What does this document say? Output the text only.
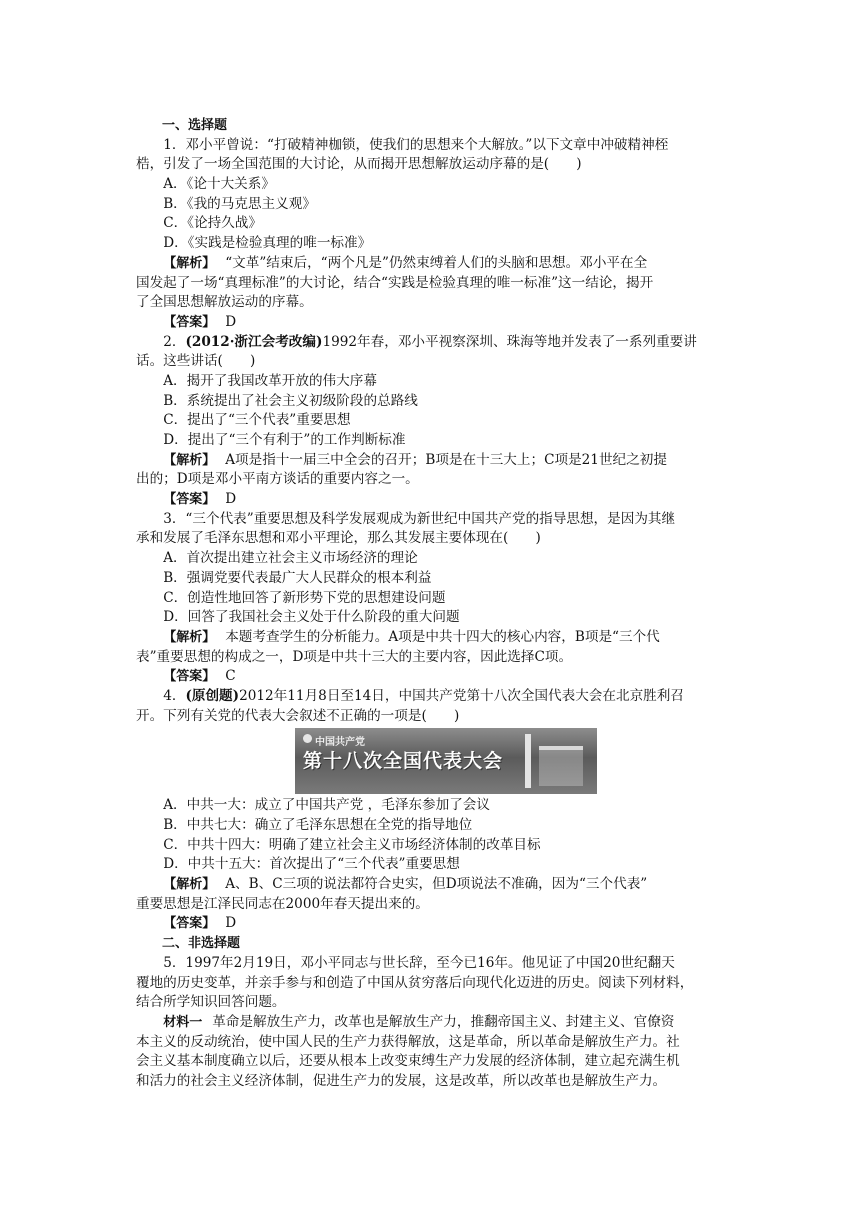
一、选择题
1．邓小平曾说：“打破精神枷锁，使我们的思想来个大解放。”以下文章中冲破精神桎
梏，引发了一场全国范围的大讨论，从而揭开思想解放运动序幕的是(　　)
A．《论十大关系》
B．《我的马克思主义观》
C．《论持久战》
D．《实践是检验真理的唯一标准》
【解析】 “文革”结束后，“两个凡是”仍然束缚着人们的头脑和思想。邓小平在全
国发起了一场“真理标准”的大讨论，结合“实践是检验真理的唯一标准”这一结论，揭开
了全国思想解放运动的序幕。
【答案】 D
2．(2012·浙江会考改编)1992年春，邓小平视察深圳、珠海等地并发表了一系列重要讲
话。这些讲话(　　)
A．揭开了我国改革开放的伟大序幕
B．系统提出了社会主义初级阶段的总路线
C．提出了“三个代表”重要思想
D．提出了“三个有利于”的工作判断标准
【解析】 A项是指十一届三中全会的召开；B项是在十三大上；C项是21世纪之初提
出的；D项是邓小平南方谈话的重要内容之一。
【答案】 D
3．“三个代表”重要思想及科学发展观成为新世纪中国共产党的指导思想，是因为其继
承和发展了毛泽东思想和邓小平理论，那么其发展主要体现在(　　)
A．首次提出建立社会主义市场经济的理论
B．强调党要代表最广大人民群众的根本利益
C．创造性地回答了新形势下党的思想建设问题
D．回答了我国社会主义处于什么阶段的重大问题
【解析】 本题考查学生的分析能力。A项是中共十四大的核心内容，B项是“三个代
表”重要思想的构成之一，D项是中共十三大的主要内容，因此选择C项。
【答案】 C
4．(原创题)2012年11月8日至14日，中国共产党第十八次全国代表大会在北京胜利召
开。下列有关党的代表大会叙述不正确的一项是(　　)
中国共产党
第十八次全国代表大会
A．中共一大：成立了中国共产党 ，毛泽东参加了会议
B．中共七大：确立了毛泽东思想在全党的指导地位
C．中共十四大：明确了建立社会主义市场经济体制的改革目标
D．中共十五大：首次提出了“三个代表”重要思想
【解析】 A、B、C三项的说法都符合史实，但D项说法不准确，因为“三个代表”
重要思想是江泽民同志在2000年春天提出来的。
【答案】 D
二、非选择题
5．1997年2月19日，邓小平同志与世长辞，至今已16年。他见证了中国20世纪翻天
覆地的历史变革，并亲手参与和创造了中国从贫穷落后向现代化迈进的历史。阅读下列材料，
结合所学知识回答问题。
材料一 革命是解放生产力，改革也是解放生产力，推翻帝国主义、封建主义、官僚资
本主义的反动统治，使中国人民的生产力获得解放，这是革命，所以革命是解放生产力。社
会主义基本制度确立以后，还要从根本上改变束缚生产力发展的经济体制，建立起充满生机
和活力的社会主义经济体制，促进生产力的发展，这是改革，所以改革也是解放生产力。
